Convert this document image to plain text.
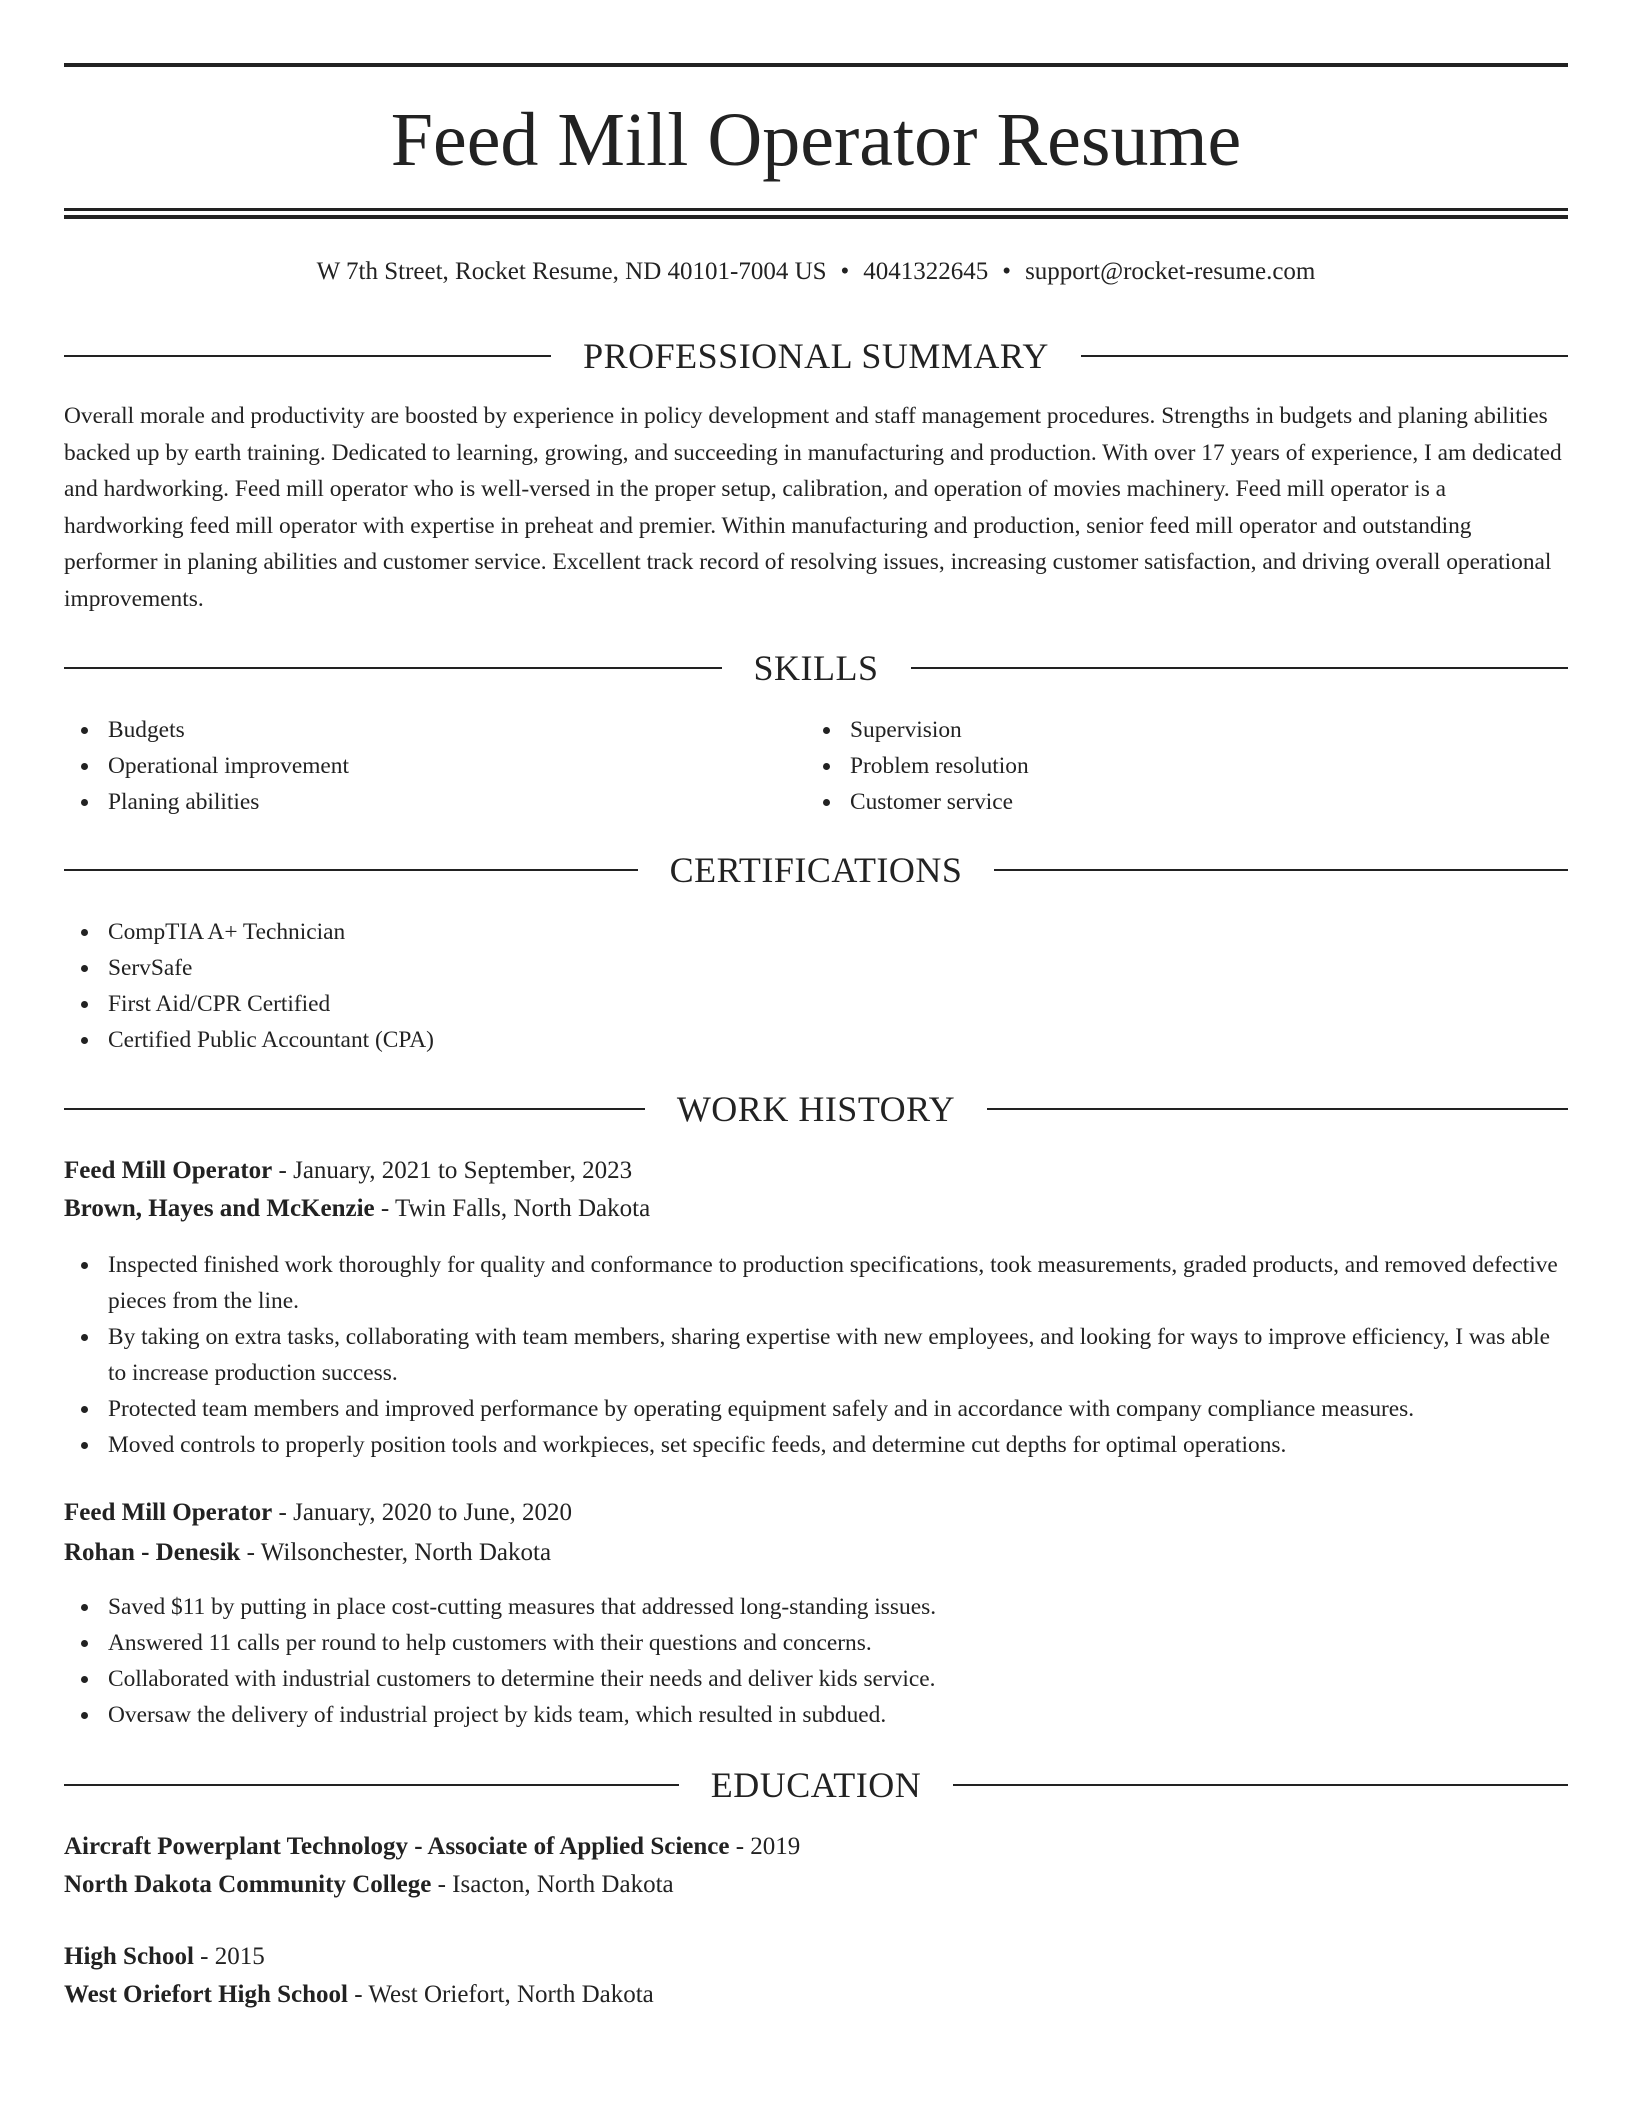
Feed Mill Operator Resume
W 7th Street, Rocket Resume, ND 40101-7004 US • 4041322645 • support@rocket-resume.com
PROFESSIONAL SUMMARY

Overall morale and productivity are boosted by experience in policy development and staff management procedures. Strengths in budgets and planing abilities backed up by earth training. Dedicated to learning, growing, and succeeding in manufacturing and production. With over 17 years of experience, I am dedicated and hardworking. Feed mill operator who is well-versed in the proper setup, calibration, and operation of movies machinery. Feed mill operator is a hardworking feed mill operator with expertise in preheat and premier. Within manufacturing and production, senior feed mill operator and outstanding performer in planing abilities and customer service. Excellent track record of resolving issues, increasing customer satisfaction, and driving overall operational improvements.

SKILLS
Budgets
Operational improvement
Planing abilities
Supervision
Problem resolution
Customer service
CERTIFICATIONS
CompTIA A+ Technician
ServSafe
First Aid/CPR Certified
Certified Public Accountant (CPA)
WORK HISTORY
Feed Mill Operator - January, 2021 to September, 2023
Brown, Hayes and McKenzie - Twin Falls, North Dakota
Inspected finished work thoroughly for quality and conformance to production specifications, took measurements, graded products, and removed defective pieces from the line.
By taking on extra tasks, collaborating with team members, sharing expertise with new employees, and looking for ways to improve efficiency, I was able to increase production success.
Protected team members and improved performance by operating equipment safely and in accordance with company compliance measures.
Moved controls to properly position tools and workpieces, set specific feeds, and determine cut depths for optimal operations.
Feed Mill Operator - January, 2020 to June, 2020
Rohan - Denesik - Wilsonchester, North Dakota
Saved $11 by putting in place cost-cutting measures that addressed long-standing issues.
Answered 11 calls per round to help customers with their questions and concerns.
Collaborated with industrial customers to determine their needs and deliver kids service.
Oversaw the delivery of industrial project by kids team, which resulted in subdued.
EDUCATION
Aircraft Powerplant Technology - Associate of Applied Science - 2019
North Dakota Community College - Isacton, North Dakota
High School - 2015
West Oriefort High School - West Oriefort, North Dakota
